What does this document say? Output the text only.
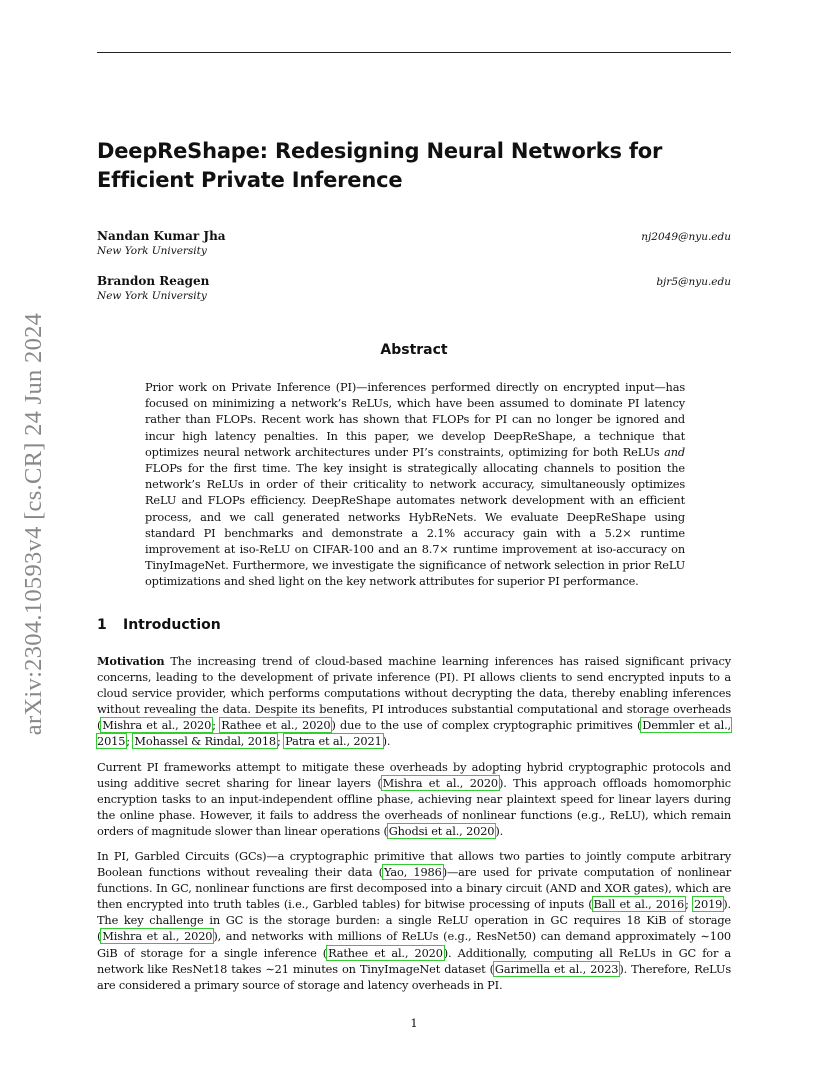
arXiv:2304.10593v4 [cs.CR] 24 Jun 2024
DeepReShape: Redesigning Neural Networks for Efficient Private Inference
Nandan Kumar Jha
New York University
nj2049@nyu.edu
Brandon Reagen
New York University
bjr5@nyu.edu
Abstract
Prior work on Private Inference (PI)—inferences performed directly on encrypted input—has focused on minimizing a network’s ReLUs, which have been assumed to dominate PI latency rather than FLOPs. Recent work has shown that FLOPs for PI can no longer be ignored and incur high latency penalties. In this paper, we develop DeepReShape, a technique that optimizes neural network architectures under PI’s constraints, optimizing for both ReLUs and FLOPs for the first time. The key insight is strategically allocating channels to position the network’s ReLUs in order of their criticality to network accuracy, simultaneously optimizes ReLU and FLOPs efficiency. DeepReShape automates network development with an efficient process, and we call generated networks HybReNets. We evaluate DeepReShape using standard PI benchmarks and demonstrate a 2.1% accuracy gain with a 5.2× runtime improvement at iso-ReLU on CIFAR-100 and an 8.7× runtime improvement at iso-accuracy on TinyImageNet. Furthermore, we investigate the significance of network selection in prior ReLU optimizations and shed light on the key network attributes for superior PI performance.
1 Introduction
Motivation The increasing trend of cloud-based machine learning inferences has raised significant privacy concerns, leading to the development of private inference (PI). PI allows clients to send encrypted inputs to a cloud service provider, which performs computations without decrypting the data, thereby enabling inferences without revealing the data. Despite its benefits, PI introduces substantial computational and storage overheads (Mishra et al., 2020; Rathee et al., 2020) due to the use of complex cryptographic primitives (Demmler et al., 2015; Mohassel & Rindal, 2018; Patra et al., 2021).
Current PI frameworks attempt to mitigate these overheads by adopting hybrid cryptographic protocols and using additive secret sharing for linear layers (Mishra et al., 2020). This approach offloads homomorphic encryption tasks to an input-independent offline phase, achieving near plaintext speed for linear layers during the online phase. However, it fails to address the overheads of nonlinear functions (e.g., ReLU), which remain orders of magnitude slower than linear operations (Ghodsi et al., 2020).
In PI, Garbled Circuits (GCs)—a cryptographic primitive that allows two parties to jointly compute arbitrary Boolean functions without revealing their data (Yao, 1986)—are used for private computation of nonlinear functions. In GC, nonlinear functions are first decomposed into a binary circuit (AND and XOR gates), which are then encrypted into truth tables (i.e., Garbled tables) for bitwise processing of inputs (Ball et al., 2016; 2019). The key challenge in GC is the storage burden: a single ReLU operation in GC requires 18 KiB of storage (Mishra et al., 2020), and networks with millions of ReLUs (e.g., ResNet50) can demand approximately ∼100 GiB of storage for a single inference (Rathee et al., 2020). Additionally, computing all ReLUs in GC for a network like ResNet18 takes ∼21 minutes on TinyImageNet dataset (Garimella et al., 2023). Therefore, ReLUs are considered a primary source of storage and latency overheads in PI.
1
